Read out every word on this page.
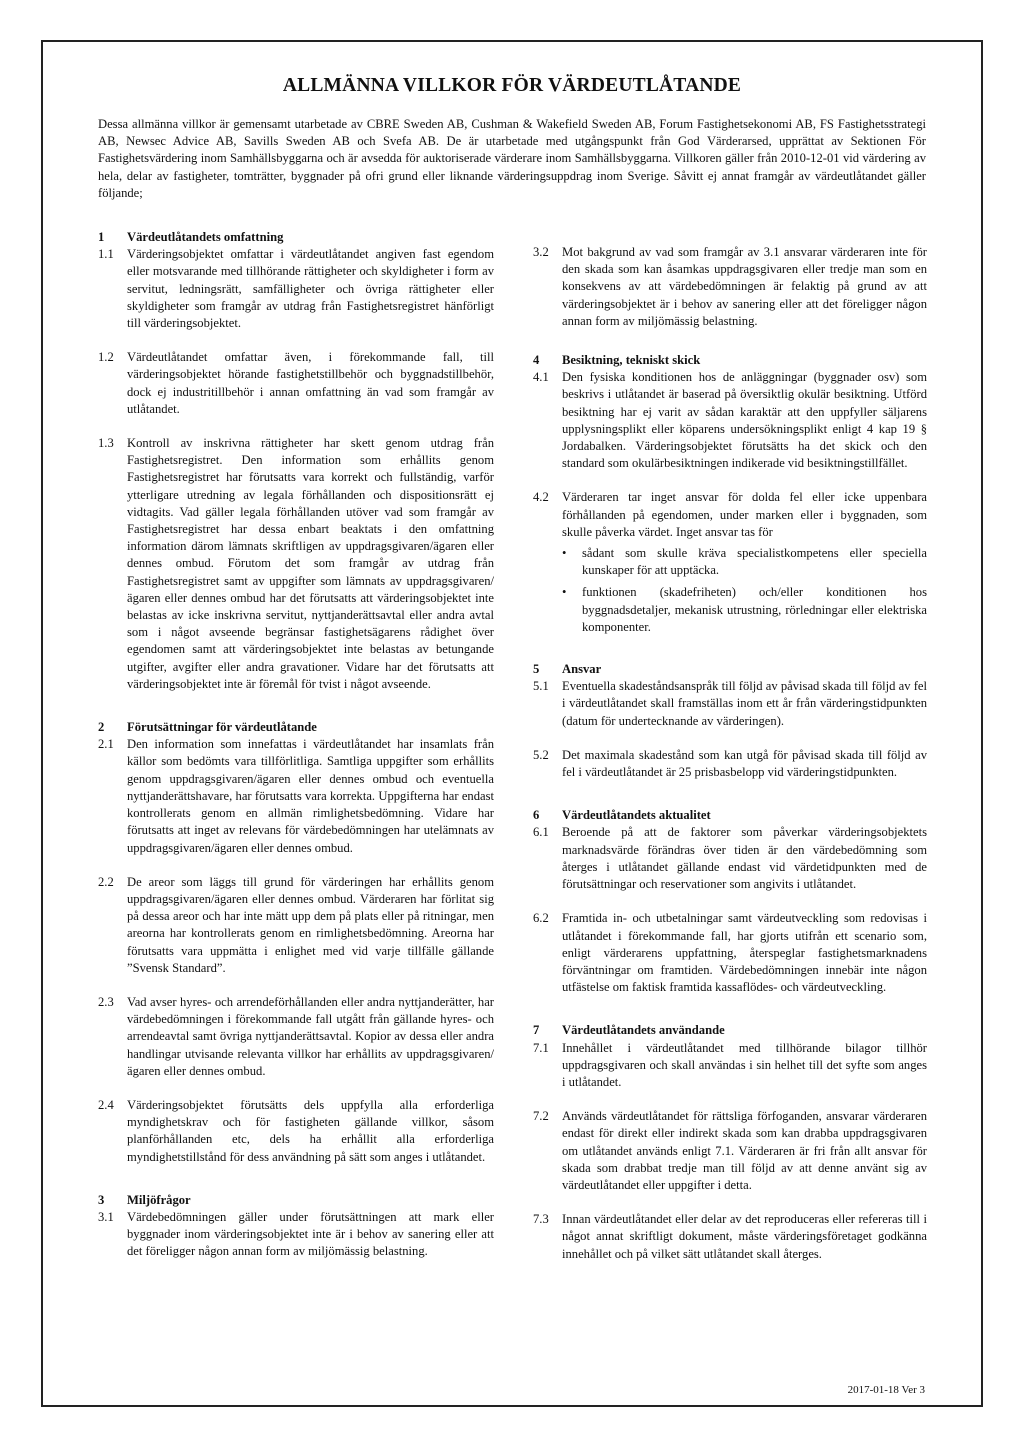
ALLMÄNNA VILLKOR FÖR VÄRDEUTLÅTANDE
Dessa allmänna villkor är gemensamt utarbetade av CBRE Sweden AB, Cushman & Wakefield Sweden AB, Forum Fastighetsekonomi AB, FS Fastighetsstrategi AB, Newsec Advice AB, Savills Sweden AB och Svefa AB. De är utarbetade med utgångspunkt från God Värderarsed, upprättat av Sektionen För Fastighetsvärdering inom Samhällsbyggarna och är avsedda för auktoriserade värderare inom Samhällsbyggarna. Villkoren gäller från 2010-12-01 vid värdering av hela, delar av fastigheter, tomträtter, byggnader på ofri grund eller liknande värderingsuppdrag inom Sverige. Såvitt ej annat framgår av värdeutlåtandet gäller följande;
1	Värdeutlåtandets omfattning
1.1	Värderingsobjektet omfattar i värdeutlåtandet angiven fast egendom eller motsvarande med tillhörande rättigheter och skyldigheter i form av servitut, ledningsrätt, samfälligheter och övriga rättigheter eller skyldigheter som framgår av utdrag från Fastighetsregistret hänförligt till värderingsobjektet.
1.2	Värdeutlåtandet omfattar även, i förekommande fall, till värderingsobjektet hörande fastighetstillbehör och byggnadstillbehör, dock ej industritillbehör i annan omfattning än vad som framgår av utlåtandet.
1.3	Kontroll av inskrivna rättigheter har skett genom utdrag från Fastighetsregistret. Den information som erhållits genom Fastighetsregistret har förutsatts vara korrekt och fullständig, varför ytterligare utredning av legala förhållanden och dispositionsrätt ej vidtagits. Vad gäller legala förhållanden utöver vad som framgår av Fastighetsregistret har dessa enbart beaktats i den omfattning information därom lämnats skriftligen av uppdragsgivaren/ägaren eller dennes ombud. Förutom det som framgår av utdrag från Fastighetsregistret samt av uppgifter som lämnats av uppdragsgivaren/ägaren eller dennes ombud har det förutsatts att värderingsobjektet inte belastas av icke inskrivna servitut, nyttjanderättsavtal eller andra avtal som i något avseende begränsar fastighetsägarens rådighet över egendomen samt att värderingsobjektet inte belastas av betungande utgifter, avgifter eller andra gravationer. Vidare har det förutsatts att värderingsobjektet inte är föremål för tvist i något avseende.
2	Förutsättningar för värdeutlåtande
2.1	Den information som innefattas i värdeutlåtandet har insamlats från källor som bedömts vara tillförlitliga. Samtliga uppgifter som erhållits genom uppdragsgivaren/ägaren eller dennes ombud och eventuella nyttjanderättshavare, har förutsatts vara korrekta. Uppgifterna har endast kontrollerats genom en allmän rimlighetsbedömning. Vidare har förutsatts att inget av relevans för värdebedömningen har utelämnats av uppdragsgivaren/ägaren eller dennes ombud.
2.2	De areor som läggs till grund för värderingen har erhållits genom uppdragsgivaren/ägaren eller dennes ombud. Värderaren har förlitat sig på dessa areor och har inte mätt upp dem på plats eller på ritningar, men areorna har kontrollerats genom en rimlighetsbedömning. Areorna har förutsatts vara uppmätta i enlighet med vid varje tillfälle gällande ”Svensk Standard”.
2.3	Vad avser hyres- och arrendeförhållanden eller andra nyttjanderätter, har värdebedömningen i förekommande fall utgått från gällande hyres- och arrendeavtal samt övriga nyttjanderättsavtal. Kopior av dessa eller andra handlingar utvisande relevanta villkor har erhållits av uppdragsgivaren/ägaren eller dennes ombud.
2.4	Värderingsobjektet förutsätts dels uppfylla alla erforderliga myndighetskrav och för fastigheten gällande villkor, såsom planförhållanden etc, dels ha erhållit alla erforderliga myndighetstillstånd för dess användning på sätt som anges i utlåtandet.
3	Miljöfrågor
3.1	Värdebedömningen gäller under förutsättningen att mark eller byggnader inom värderingsobjektet inte är i behov av sanering eller att det föreligger någon annan form av miljömässig belastning.
3.2	Mot bakgrund av vad som framgår av 3.1 ansvarar värderaren inte för den skada som kan åsamkas uppdragsgivaren eller tredje man som en konsekvens av att värdebedömningen är felaktig på grund av att värderingsobjektet är i behov av sanering eller att det föreligger någon annan form av miljömässig belastning.
4	Besiktning, tekniskt skick
4.1	Den fysiska konditionen hos de anläggningar (byggnader osv) som beskrivs i utlåtandet är baserad på översiktlig okulär besiktning. Utförd besiktning har ej varit av sådan karaktär att den uppfyller säljarens upplysningsplikt eller köparens undersökningsplikt enligt 4 kap 19 § Jordabalken. Värderingsobjektet förutsätts ha det skick och den standard som okulärbesiktningen indikerade vid besiktningstillfället.
4.2	Värderaren tar inget ansvar för dolda fel eller icke uppenbara förhållanden på egendomen, under marken eller i byggnaden, som skulle påverka värdet. Inget ansvar tas för
•	sådant som skulle kräva specialistkompetens eller speciella kunskaper för att upptäcka.
•	funktionen (skadefriheten) och/eller konditionen hos byggnadsdetaljer, mekanisk utrustning, rörledningar eller elektriska komponenter.
5	Ansvar
5.1	Eventuella skadeståndsanspråk till följd av påvisad skada till följd av fel i värdeutlåtandet skall framställas inom ett år från värderingstidpunkten (datum för undertecknande av värderingen).
5.2	Det maximala skadestånd som kan utgå för påvisad skada till följd av fel i värdeutlåtandet är 25 prisbasbelopp vid värderingstidpunkten.
6	Värdeutlåtandets aktualitet
6.1	Beroende på att de faktorer som påverkar värderingsobjektets marknadsvärde förändras över tiden är den värdebedömning som återges i utlåtandet gällande endast vid värdetidpunkten med de förutsättningar och reservationer som angivits i utlåtandet.
6.2	Framtida in- och utbetalningar samt värdeutveckling som redovisas i utlåtandet i förekommande fall, har gjorts utifrån ett scenario som, enligt värderarens uppfattning, återspeglar fastighetsmarknadens förväntningar om framtiden. Värdebedömningen innebär inte någon utfästelse om faktisk framtida kassaflödes- och värdeutveckling.
7	Värdeutlåtandets användande
7.1	Innehållet i värdeutlåtandet med tillhörande bilagor tillhör uppdragsgivaren och skall användas i sin helhet till det syfte som anges i utlåtandet.
7.2	Används värdeutlåtandet för rättsliga förfoganden, ansvarar värderaren endast för direkt eller indirekt skada som kan drabba uppdragsgivaren om utlåtandet används enligt 7.1. Värderaren är fri från allt ansvar för skada som drabbat tredje man till följd av att denne använt sig av värdeutlåtandet eller uppgifter i detta.
7.3	Innan värdeutlåtandet eller delar av det reproduceras eller refereras till i något annat skriftligt dokument, måste värderingsföretaget godkänna innehållet och på vilket sätt utlåtandet skall återges.
2017-01-18 Ver 3
